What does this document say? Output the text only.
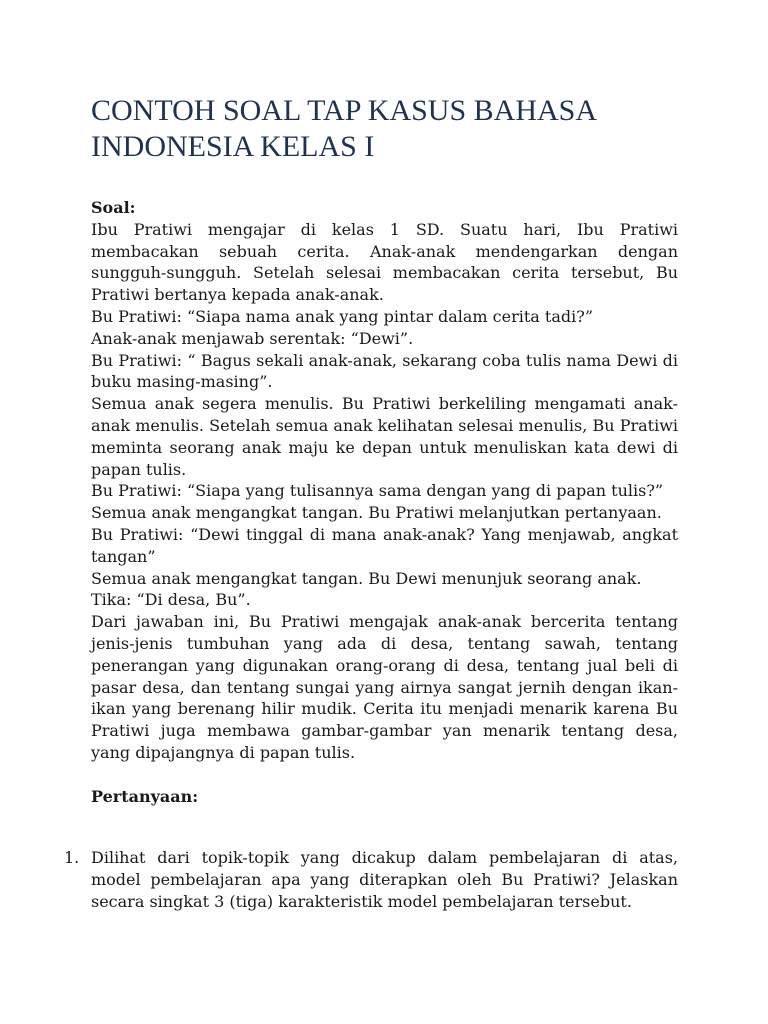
CONTOH SOAL TAP KASUS BAHASA INDONESIA KELAS I

Soal:

Ibu Pratiwi mengajar di kelas 1 SD. Suatu hari, Ibu Pratiwi membacakan sebuah cerita. Anak-anak mendengarkan dengan sungguh-sungguh. Setelah selesai membacakan cerita tersebut, Bu Pratiwi bertanya kepada anak-anak.

Bu Pratiwi: “Siapa nama anak yang pintar dalam cerita tadi?”

Anak-anak menjawab serentak: “Dewi”.

Bu Pratiwi: “ Bagus sekali anak-anak, sekarang coba tulis nama Dewi di buku masing-masing”.

Semua anak segera menulis. Bu Pratiwi berkeliling mengamati anak-anak menulis. Setelah semua anak kelihatan selesai menulis, Bu Pratiwi meminta seorang anak maju ke depan untuk menuliskan kata dewi di papan tulis.

Bu Pratiwi: “Siapa yang tulisannya sama dengan yang di papan tulis?”

Semua anak mengangkat tangan. Bu Pratiwi melanjutkan pertanyaan.

Bu Pratiwi: “Dewi tinggal di mana anak-anak? Yang menjawab, angkat tangan”

Semua anak mengangkat tangan. Bu Dewi menunjuk seorang anak.

Tika: “Di desa, Bu”.

Dari jawaban ini, Bu Pratiwi mengajak anak-anak bercerita tentang jenis-jenis tumbuhan yang ada di desa, tentang sawah, tentang penerangan yang digunakan orang-orang di desa, tentang jual beli di pasar desa, dan tentang sungai yang airnya sangat jernih dengan ikan-ikan yang berenang hilir mudik. Cerita itu menjadi menarik karena Bu Pratiwi juga membawa gambar-gambar yan menarik tentang desa, yang dipajangnya di papan tulis.

Pertanyaan:

1. Dilihat dari topik-topik yang dicakup dalam pembelajaran di atas, model pembelajaran apa yang diterapkan oleh Bu Pratiwi? Jelaskan secara singkat 3 (tiga) karakteristik model pembelajaran tersebut.
